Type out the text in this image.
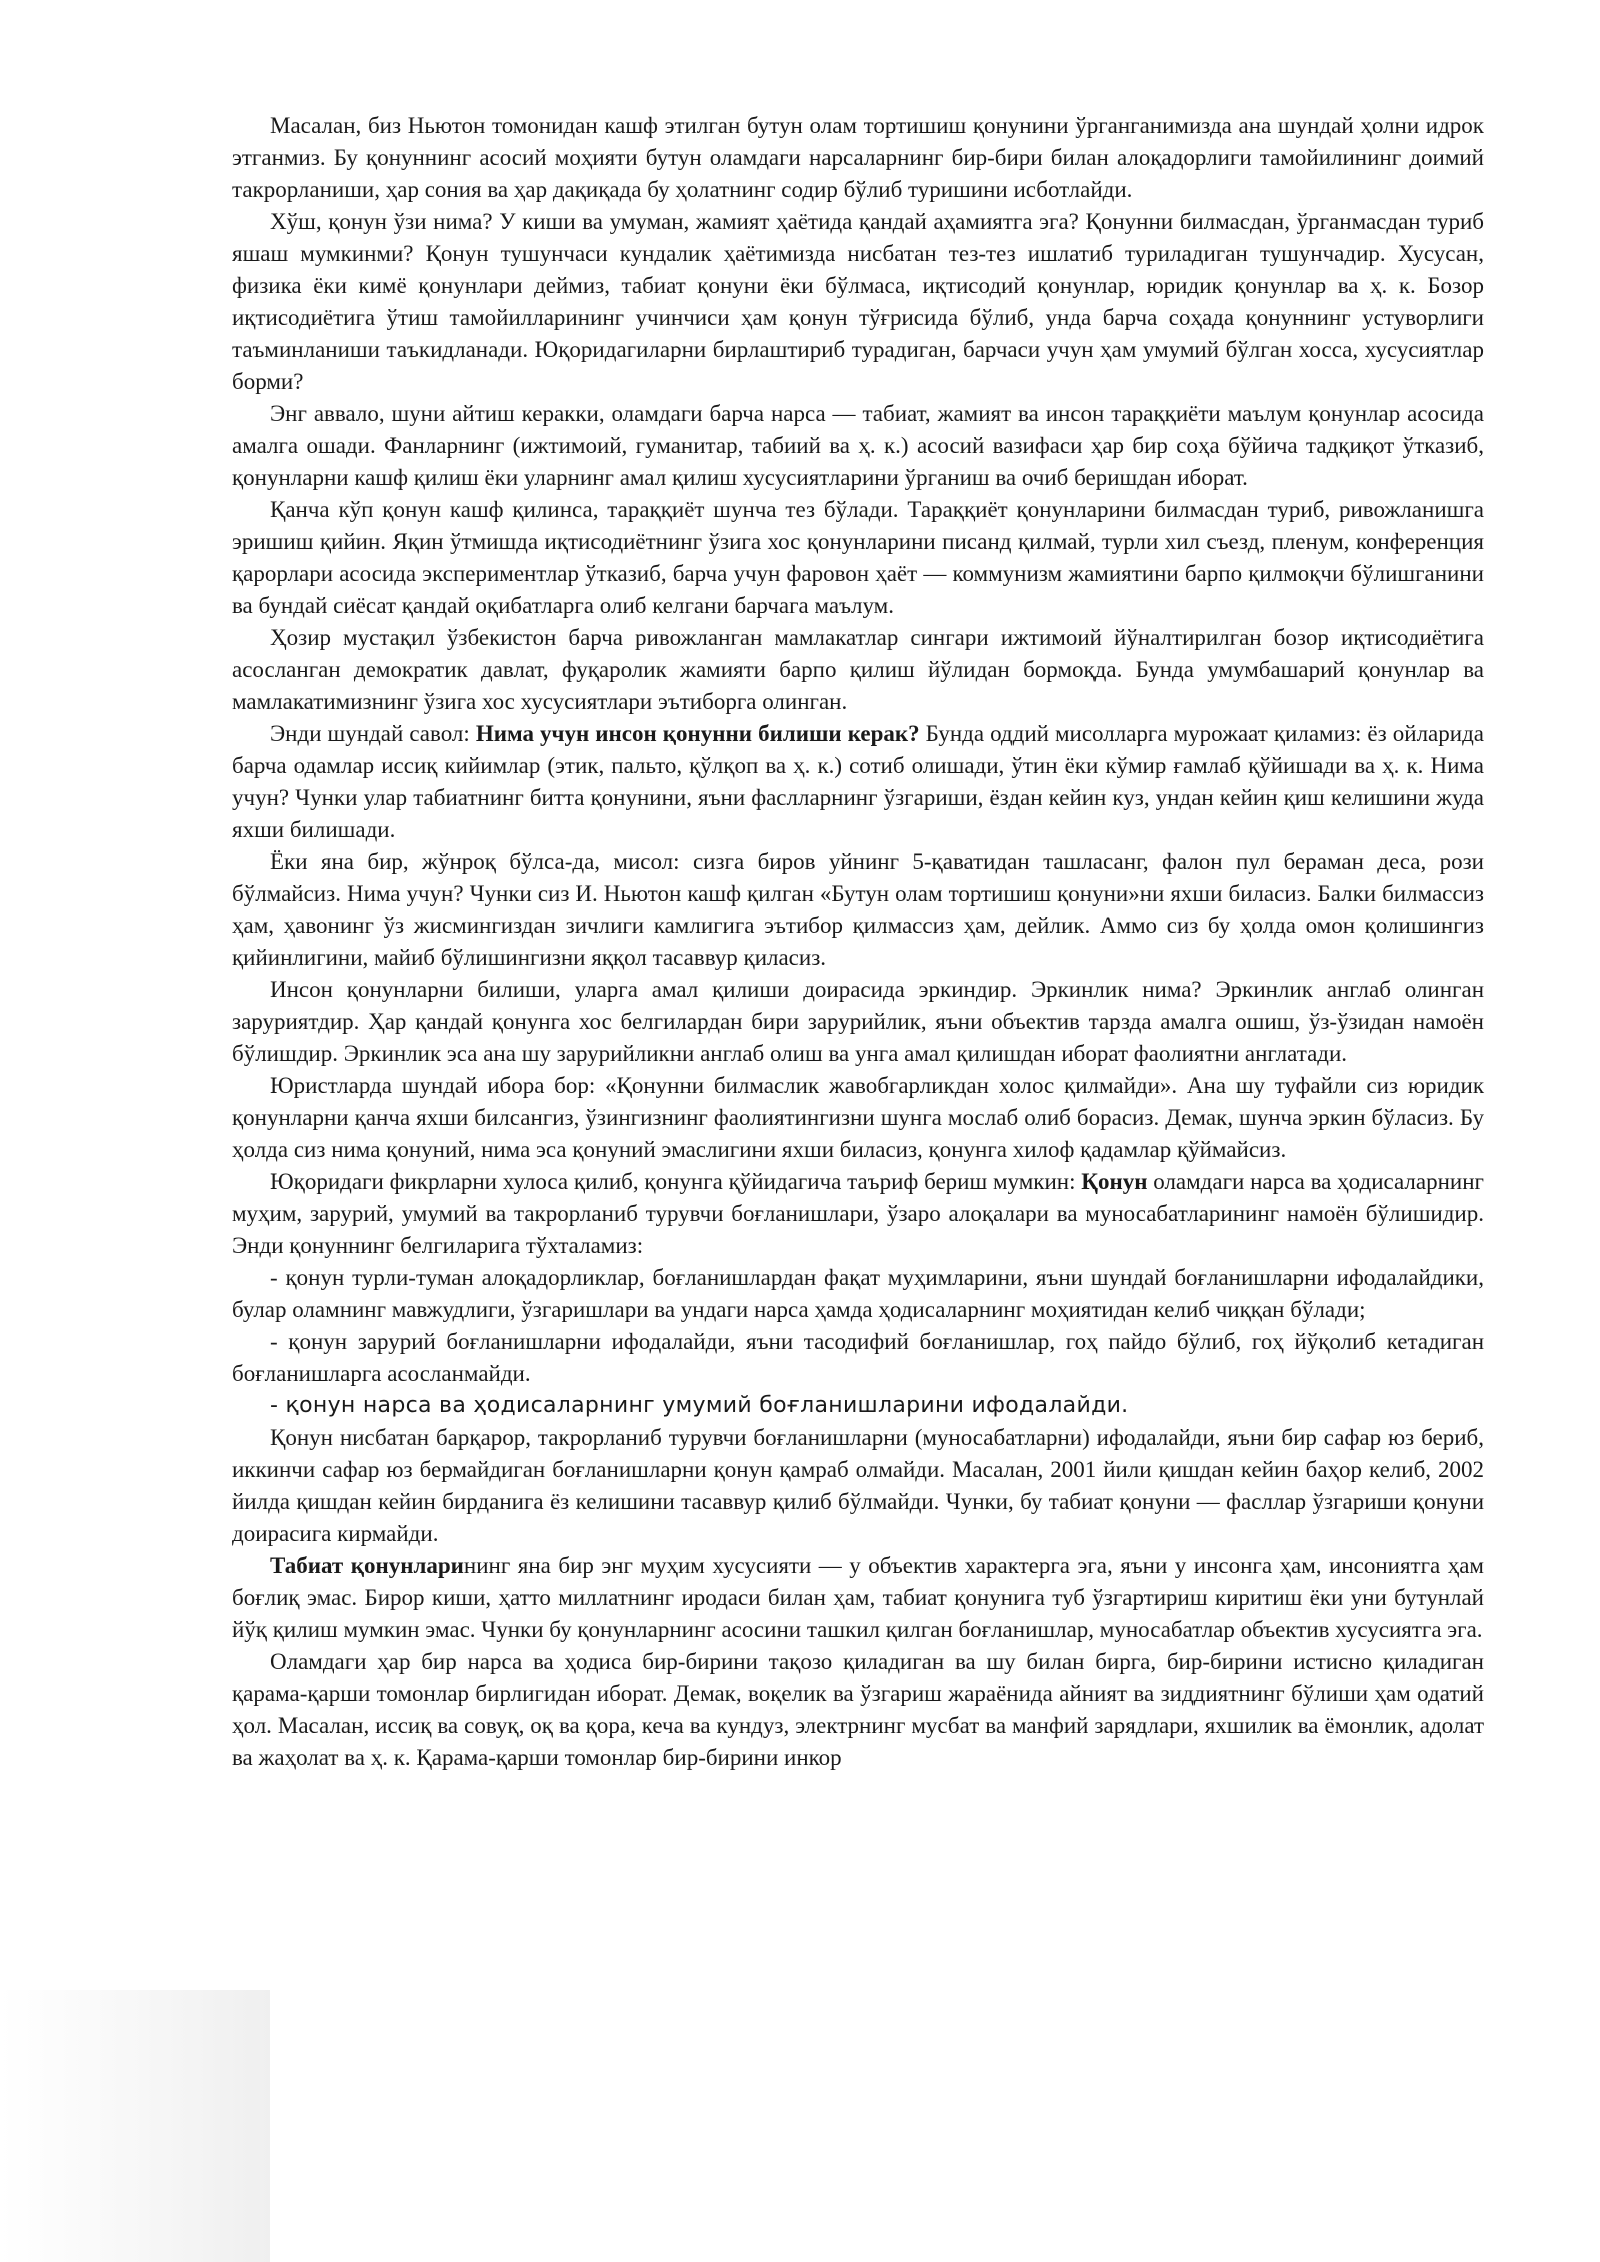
Масалан, биз Ньютон томонидан кашф этилган бутун олам тортишиш қонунини ўрганганимизда ана шундай ҳолни идрок этганмиз. Бу қонуннинг асосий моҳияти бутун оламдаги нарсаларнинг бир-бири билан алоқадорлиги тамойилининг доимий такрорланиши, ҳар сония ва ҳар дақиқада бу ҳолатнинг содир бўлиб туришини исботлайди.

Хўш, қонун ўзи нима? У киши ва умуман, жамият ҳаётида қандай аҳамиятга эга? Қонунни билмасдан, ўрганмасдан туриб яшаш мумкинми? Қонун тушунчаси кундалик ҳаётимизда нисбатан тез-тез ишлатиб туриладиган тушунчадир. Хусусан, физика ёки кимё қонунлари деймиз, табиат қонуни ёки бўлмаса, иқтисодий қонунлар, юридик қонунлар ва ҳ. к. Бозор иқтисодиётига ўтиш тамойилларининг учинчиси ҳам қонун тўғрисида бўлиб, унда барча соҳада қонуннинг устуворлиги таъминланиши таъкидланади. Юқоридагиларни бирлаштириб турадиган, барчаси учун ҳам умумий бўлган хосса, хусусиятлар борми?

Энг аввало, шуни айтиш керакки, оламдаги барча нарса — табиат, жамият ва инсон тараққиёти маълум қонунлар асосида амалга ошади. Фанларнинг (ижтимоий, гуманитар, табиий ва ҳ. к.) асосий вазифаси ҳар бир соҳа бўйича тадқиқот ўтказиб, қонунларни кашф қилиш ёки уларнинг амал қилиш хусусиятларини ўрганиш ва очиб беришдан иборат.

Қанча кўп қонун кашф қилинса, тараққиёт шунча тез бўлади. Тараққиёт қонунларини билмасдан туриб, ривожланишга эришиш қийин. Яқин ўтмишда иқтисодиётнинг ўзига хос қонунларини писанд қилмай, турли хил съезд, пленум, конференция қарорлари асосида экспериментлар ўтказиб, барча учун фаровон ҳаёт — коммунизм жамиятини барпо қилмоқчи бўлишганини ва бундай сиёсат қандай оқибатларга олиб келгани барчага маълум.

Ҳозир мустақил ўзбекистон барча ривожланган мамлакатлар сингари ижтимоий йўналтирилган бозор иқтисодиётига асосланган демократик давлат, фуқаролик жамияти барпо қилиш йўлидан бормоқда. Бунда умумбашарий қонунлар ва мамлакатимизнинг ўзига хос хусусиятлари эътиборга олинган.

Энди шундай савол: Нима учун инсон қонунни билиши керак? Бунда оддий мисолларга мурожаат қиламиз: ёз ойларида барча одамлар иссиқ кийимлар (этик, пальто, қўлқоп ва ҳ. к.) сотиб олишади, ўтин ёки кўмир ғамлаб қўйишади ва ҳ. к. Нима учун? Чунки улар табиатнинг битта қонунини, яъни фаслларнинг ўзгариши, ёздан кейин куз, ундан кейин қиш келишини жуда яхши билишади.

Ёки яна бир, жўнроқ бўлса-да, мисол: сизга биров уйнинг 5-қаватидан ташласанг, фалон пул бераман деса, рози бўлмайсиз. Нима учун? Чунки сиз И. Ньютон кашф қилган «Бутун олам тортишиш қонуни»ни яхши биласиз. Балки билмассиз ҳам, ҳавонинг ўз жисмингиздан зичлиги камлигига эътибор қилмассиз ҳам, дейлик. Аммо сиз бу ҳолда омон қолишингиз қийинлигини, майиб бўлишингизни яққол тасаввур қиласиз.

Инсон қонунларни билиши, уларга амал қилиши доирасида эркиндир. Эркинлик нима? Эркинлик англаб олинган заруриятдир. Ҳар қандай қонунга хос белгилардан бири зарурийлик, яъни объектив тарзда амалга ошиш, ўз-ўзидан намоён бўлишдир. Эркинлик эса ана шу зарурийликни англаб олиш ва унга амал қилишдан иборат фаолиятни англатади.

Юристларда шундай ибора бор: «Қонунни билмаслик жавобгарликдан холос қилмайди». Ана шу туфайли сиз юридик қонунларни қанча яхши билсангиз, ўзингизнинг фаолиятингизни шунга мослаб олиб борасиз. Демак, шунча эркин бўласиз. Бу ҳолда сиз нима қонуний, нима эса қонуний эмаслигини яхши биласиз, қонунга хилоф қадамлар қўймайсиз.

Юқоридаги фикрларни хулоса қилиб, қонунга қўйидагича таъриф бериш мумкин: Қонун оламдаги нарса ва ҳодисаларнинг муҳим, зарурий, умумий ва такрорланиб турувчи боғланишлари, ўзаро алоқалари ва муносабатларининг намоён бўлишидир. Энди қонуннинг белгиларига тўхталамиз:

- қонун турли-туман алоқадорликлар, боғланишлардан фақат муҳимларини, яъни шундай боғланишларни ифодалайдики, булар оламнинг мавжудлиги, ўзгаришлари ва ундаги нарса ҳамда ҳодисаларнинг моҳиятидан келиб чиққан бўлади;

- қонун зарурий боғланишларни ифодалайди, яъни тасодифий боғланишлар, гоҳ пайдо бўлиб, гоҳ йўқолиб кетадиган боғланишларга асосланмайди.

- қонун нарса ва ҳодисаларнинг умумий боғланишларини ифодалайди.

Қонун нисбатан барқарор, такрорланиб турувчи боғланишларни (муносабатларни) ифодалайди, яъни бир сафар юз бериб, иккинчи сафар юз бермайдиган боғланишларни қонун қамраб олмайди. Масалан, 2001 йили қишдан кейин баҳор келиб, 2002 йилда қишдан кейин бирданига ёз келишини тасаввур қилиб бўлмайди. Чунки, бу табиат қонуни — фасллар ўзгариши қонуни доирасига кирмайди.

Табиат қонунларининг яна бир энг муҳим хусусияти — у объектив характерга эга, яъни у инсонга ҳам, инсониятга ҳам боғлиқ эмас. Бирор киши, ҳатто миллатнинг иродаси билан ҳам, табиат қонунига туб ўзгартириш киритиш ёки уни бутунлай йўқ қилиш мумкин эмас. Чунки бу қонунларнинг асосини ташкил қилган боғланишлар, муносабатлар объектив хусусиятга эга.

Оламдаги ҳар бир нарса ва ҳодиса бир-бирини тақозо қиладиган ва шу билан бирга, бир-бирини истисно қиладиган қарама-қарши томонлар бирлигидан иборат. Демак, воқелик ва ўзгариш жараёнида айният ва зиддиятнинг бўлиши ҳам одатий ҳол. Масалан, иссиқ ва совуқ, оқ ва қора, кеча ва кундуз, электрнинг мусбат ва манфий зарядлари, яхшилик ва ёмонлик, адолат ва жаҳолат ва ҳ. к. Қарама-қарши томонлар бир-бирини инкор
